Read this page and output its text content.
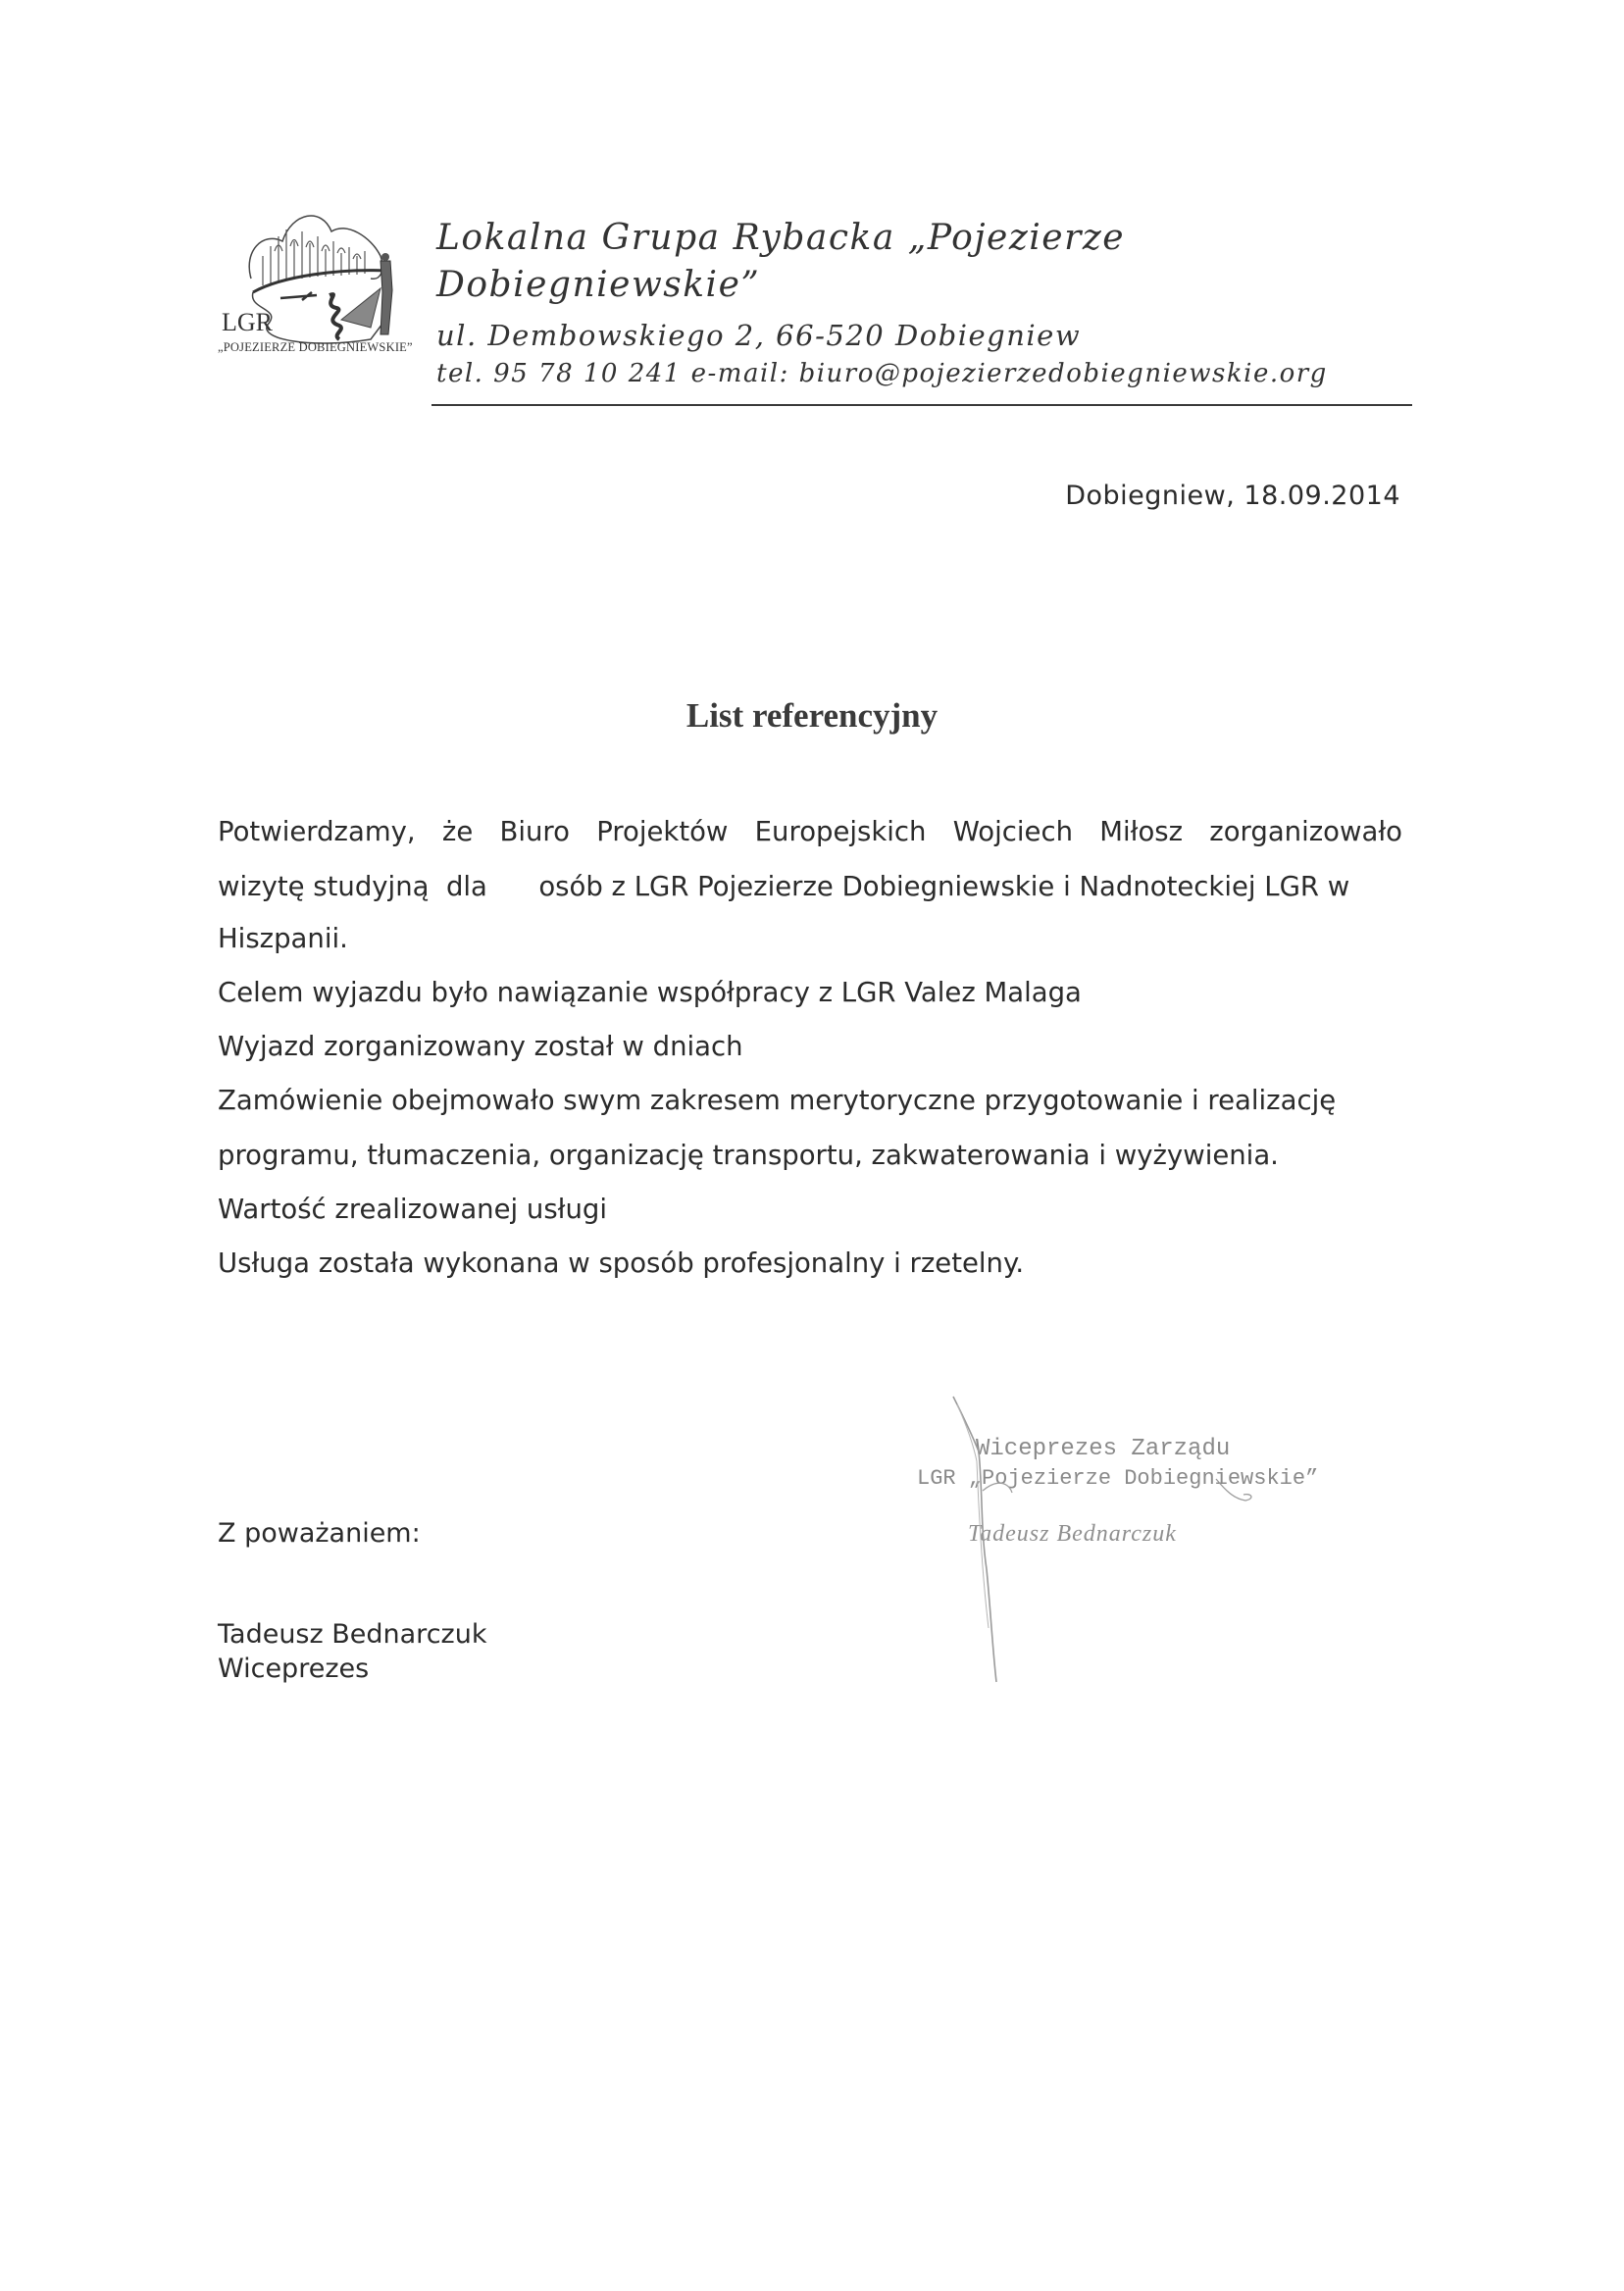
LGR
„POJEZIERZE DOBIEGNIEWSKIE”
Lokalna Grupa Rybacka „Pojezierze
Dobiegniewskie”
ul. Dembowskiego 2, 66-520 Dobiegniew
tel. 95 78 10 241 e-mail: biuro@pojezierzedobiegniewskie.org
Dobiegniew, 18.09.2014
List referencyjny
Potwierdzamy, że Biuro Projektów Europejskich Wojciech Miłosz zorganizowało
wizytę studyjną  dla      osób z LGR Pojezierze Dobiegniewskie i Nadnoteckiej LGR w
Hiszpanii.
Celem wyjazdu było nawiązanie współpracy z LGR Valez Malaga
Wyjazd zorganizowany został w dniach
Zamówienie obejmowało swym zakresem merytoryczne przygotowanie i realizację
programu, tłumaczenia, organizację transportu, zakwaterowania i wyżywienia.
Wartość zrealizowanej usługi
Usługa została wykonana w sposób profesjonalny i rzetelny.
Wiceprezes Zarządu
LGR „Pojezierze Dobiegniewskie”
Tadeusz Bednarczuk
Z poważaniem:
Tadeusz Bednarczuk
Wiceprezes
